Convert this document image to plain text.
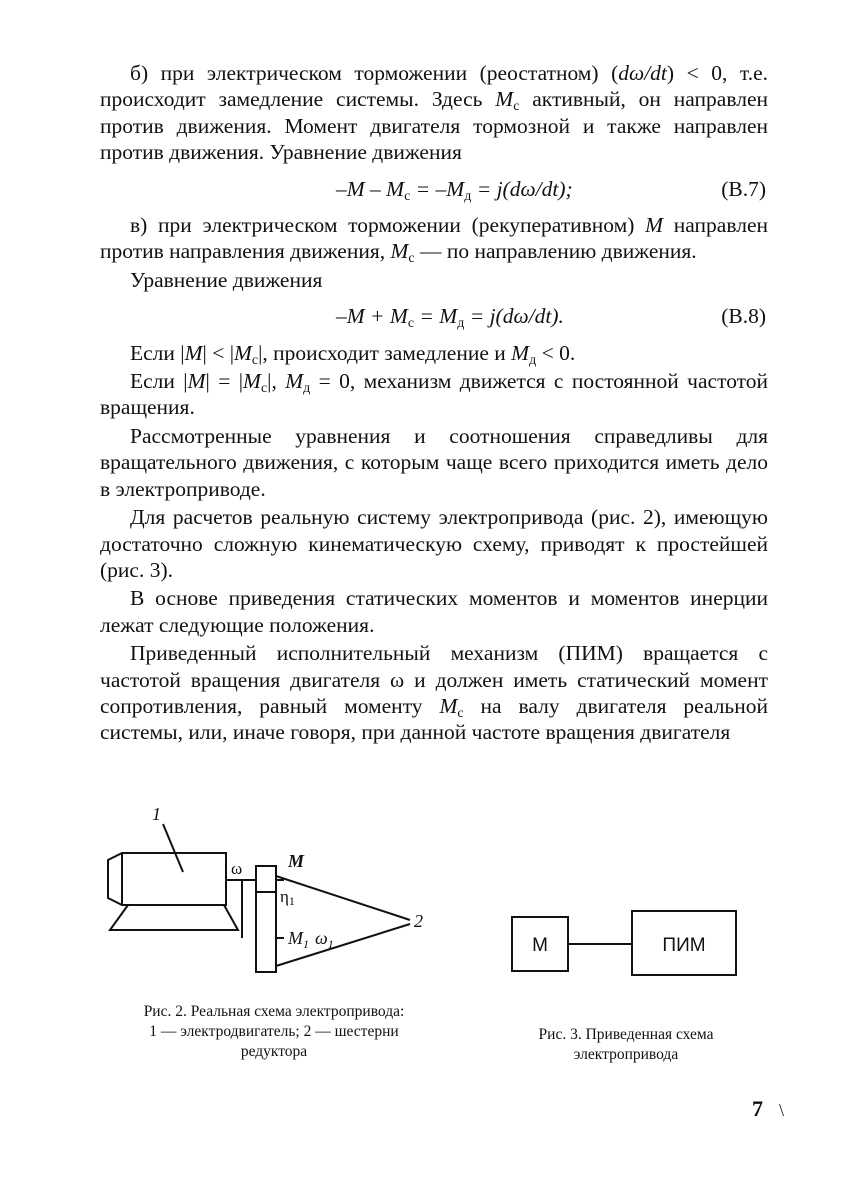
б) при электрическом торможении (реостатном) (dω/dt) < 0, т.е. происходит замедление системы. Здесь $M_с$ активный, он направлен против движения. Момент двигателя тормозной и также направлен против движения. Уравнение движения

$-M - M_с = -M_д = j(d\omega/dt)$;	(B.7)

в) при электрическом торможении (рекуперативном) M направлен против направления движения, $M_с$ — по направлению движения.

Уравнение движения

$-M + M_с = M_д = j(d\omega/dt)$.	(B.8)

Если $|M| < |M_с|$, происходит замедление и $M_д < 0$.

Если $|M| = |M_с|$, $M_д = 0$, механизм движется с постоянной частотой вращения.

Рассмотренные уравнения и соотношения справедливы для вращательного движения, с которым чаще всего приходится иметь дело в электроприводе.

Для расчетов реальную систему электропривода (рис. 2), имеющую достаточно сложную кинематическую схему, приводят к простейшей (рис. 3).

В основе приведения статических моментов и моментов инерции лежат следующие положения.

Приведенный исполнительный механизм (ПИМ) вращается с частотой вращения двигателя ω и должен иметь статический момент сопротивления, равный моменту $M_с$ на валу двигателя реальной системы, или, иначе говоря, при данной частоте вращения двигателя

1
ω	M
η1
$M_1$ $\omega_1$
2
М	ПИМ
Рис. 2. Реальная схема электропривода:
1 — электродвигатель; 2 — шестерни
редуктора
Рис. 3. Приведенная схема
электропривода
7 \
